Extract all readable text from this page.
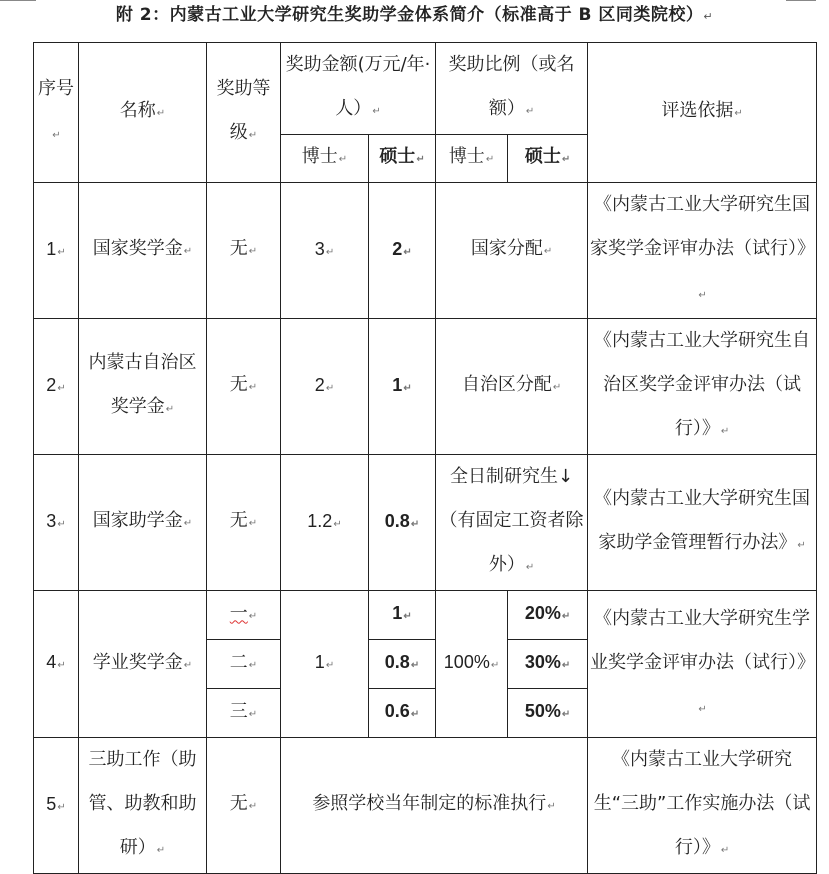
附 2：内蒙古工业大学研究生奖助学金体系简介（标准高于 B 区同类院校）↵
序号↵	名称↵	奖助等级↵	奖助金额(万元/年·人）↵		奖助比例（或名额）↵		评选依据↵
			博士↵	硕士↵	博士↵	硕士↵	
1↵	国家奖学金↵	无↵	3↵	2↵	国家分配↵		《内蒙古工业大学研究生国家奖学金评审办法（试行）》↵
2↵	内蒙古自治区奖学金↵	无↵	2↵	1↵	自治区分配↵		《内蒙古工业大学研究生自治区奖学金评审办法（试行）》↵
3↵	国家助学金↵	无↵	1.2↵	0.8↵	全日制研究生↓（有固定工资者除外）↵		《内蒙古工业大学研究生国家助学金管理暂行办法》↵
4↵	学业奖学金↵	一↵	1↵	1↵	100%↵	20%↵	《内蒙古工业大学研究生学业奖学金评审办法（试行）》↵
		二↵		0.8↵		30%↵	
		三↵		0.6↵		50%↵	
5↵	三助工作（助管、助教和助研）↵	无↵	参照学校当年制定的标准执行↵				《内蒙古工业大学研究生“三助”工作实施办法（试行）》↵
